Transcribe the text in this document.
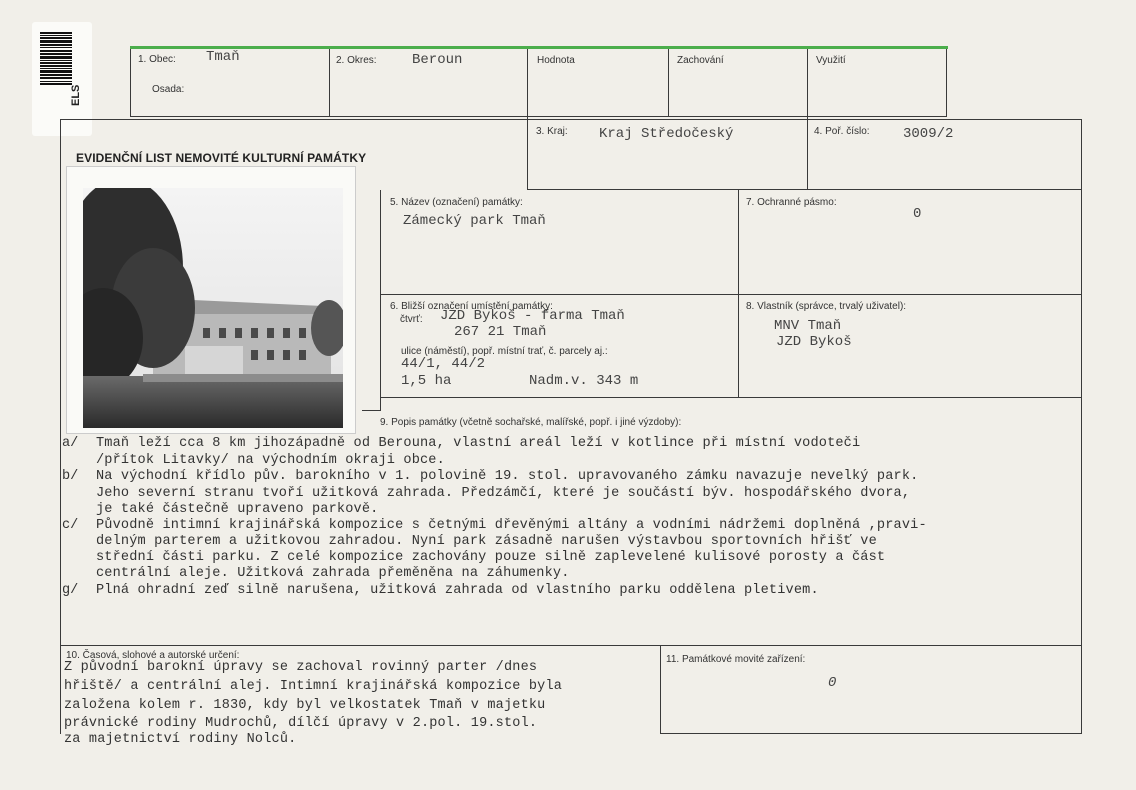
ELS
1. Obec: Tmaň
Osada:
2. Okres:	Beroun	Hodnota	Zachování	Využití
3. Kraj: Kraj Středočeský	4. Poř. číslo: 3009/2
EVIDENČNÍ LIST NEMOVITÉ KULTURNÍ PAMÁTKY
5. Název (označení) památky:
Zámecký park Tmaň
7. Ochranné pásmo:
0
6. Bližší označení umístění památky:
čtvrť: JZD Bykoš - farma Tmaň
267 21 Tmaň
ulice (náměstí), popř. místní trať, č. parcely aj.:
44/1, 44/2
1,5 ha	Nadm.v. 343 m
8. Vlastník (správce, trvalý uživatel):
MNV Tmaň
JZD Bykoš
9. Popis památky (včetně sochařské, malířské, popř. i jiné výzdoby):
a/ Tmaň leží cca 8 km jihozápadně od Berouna, vlastní areál leží v kotlince při místní vodoteči
/přítok Litavky/ na východním okraji obce.
b/ Na východní křídlo pův. barokního v 1. polovině 19. stol. upravovaného zámku navazuje nevelký park.
Jeho severní stranu tvoří užitková zahrada. Předzámčí, které je součástí býv. hospodářského dvora,
je také částečně upraveno parkově.
c/ Původně intimní krajinářská kompozice s četnými dřevěnými altány a vodními nádržemi doplněná ,pravi-
delným parterem a užitkovou zahradou. Nyní park zásadně narušen výstavbou sportovních hřišť ve
střední části parku. Z celé kompozice zachovány pouze silně zaplevelené kulisové porosty a část
centrální aleje. Užitková zahrada přeměněna na záhumenky.
g/ Plná ohradní zeď silně narušena, užitková zahrada od vlastního parku oddělena pletivem.
10. Časová, slohové a autorské určení:
Z původní barokní úpravy se zachoval rovinný parter /dnes
hřiště/ a centrální alej. Intimní krajinářská kompozice byla
založena kolem r. 1830, kdy byl velkostatek Tmaň v majetku
právnické rodiny Mudrochů, dílčí úpravy v 2.pol. 19.stol.
za majetnictví rodiny Nolců.
11. Památkové movité zařízení:
0
